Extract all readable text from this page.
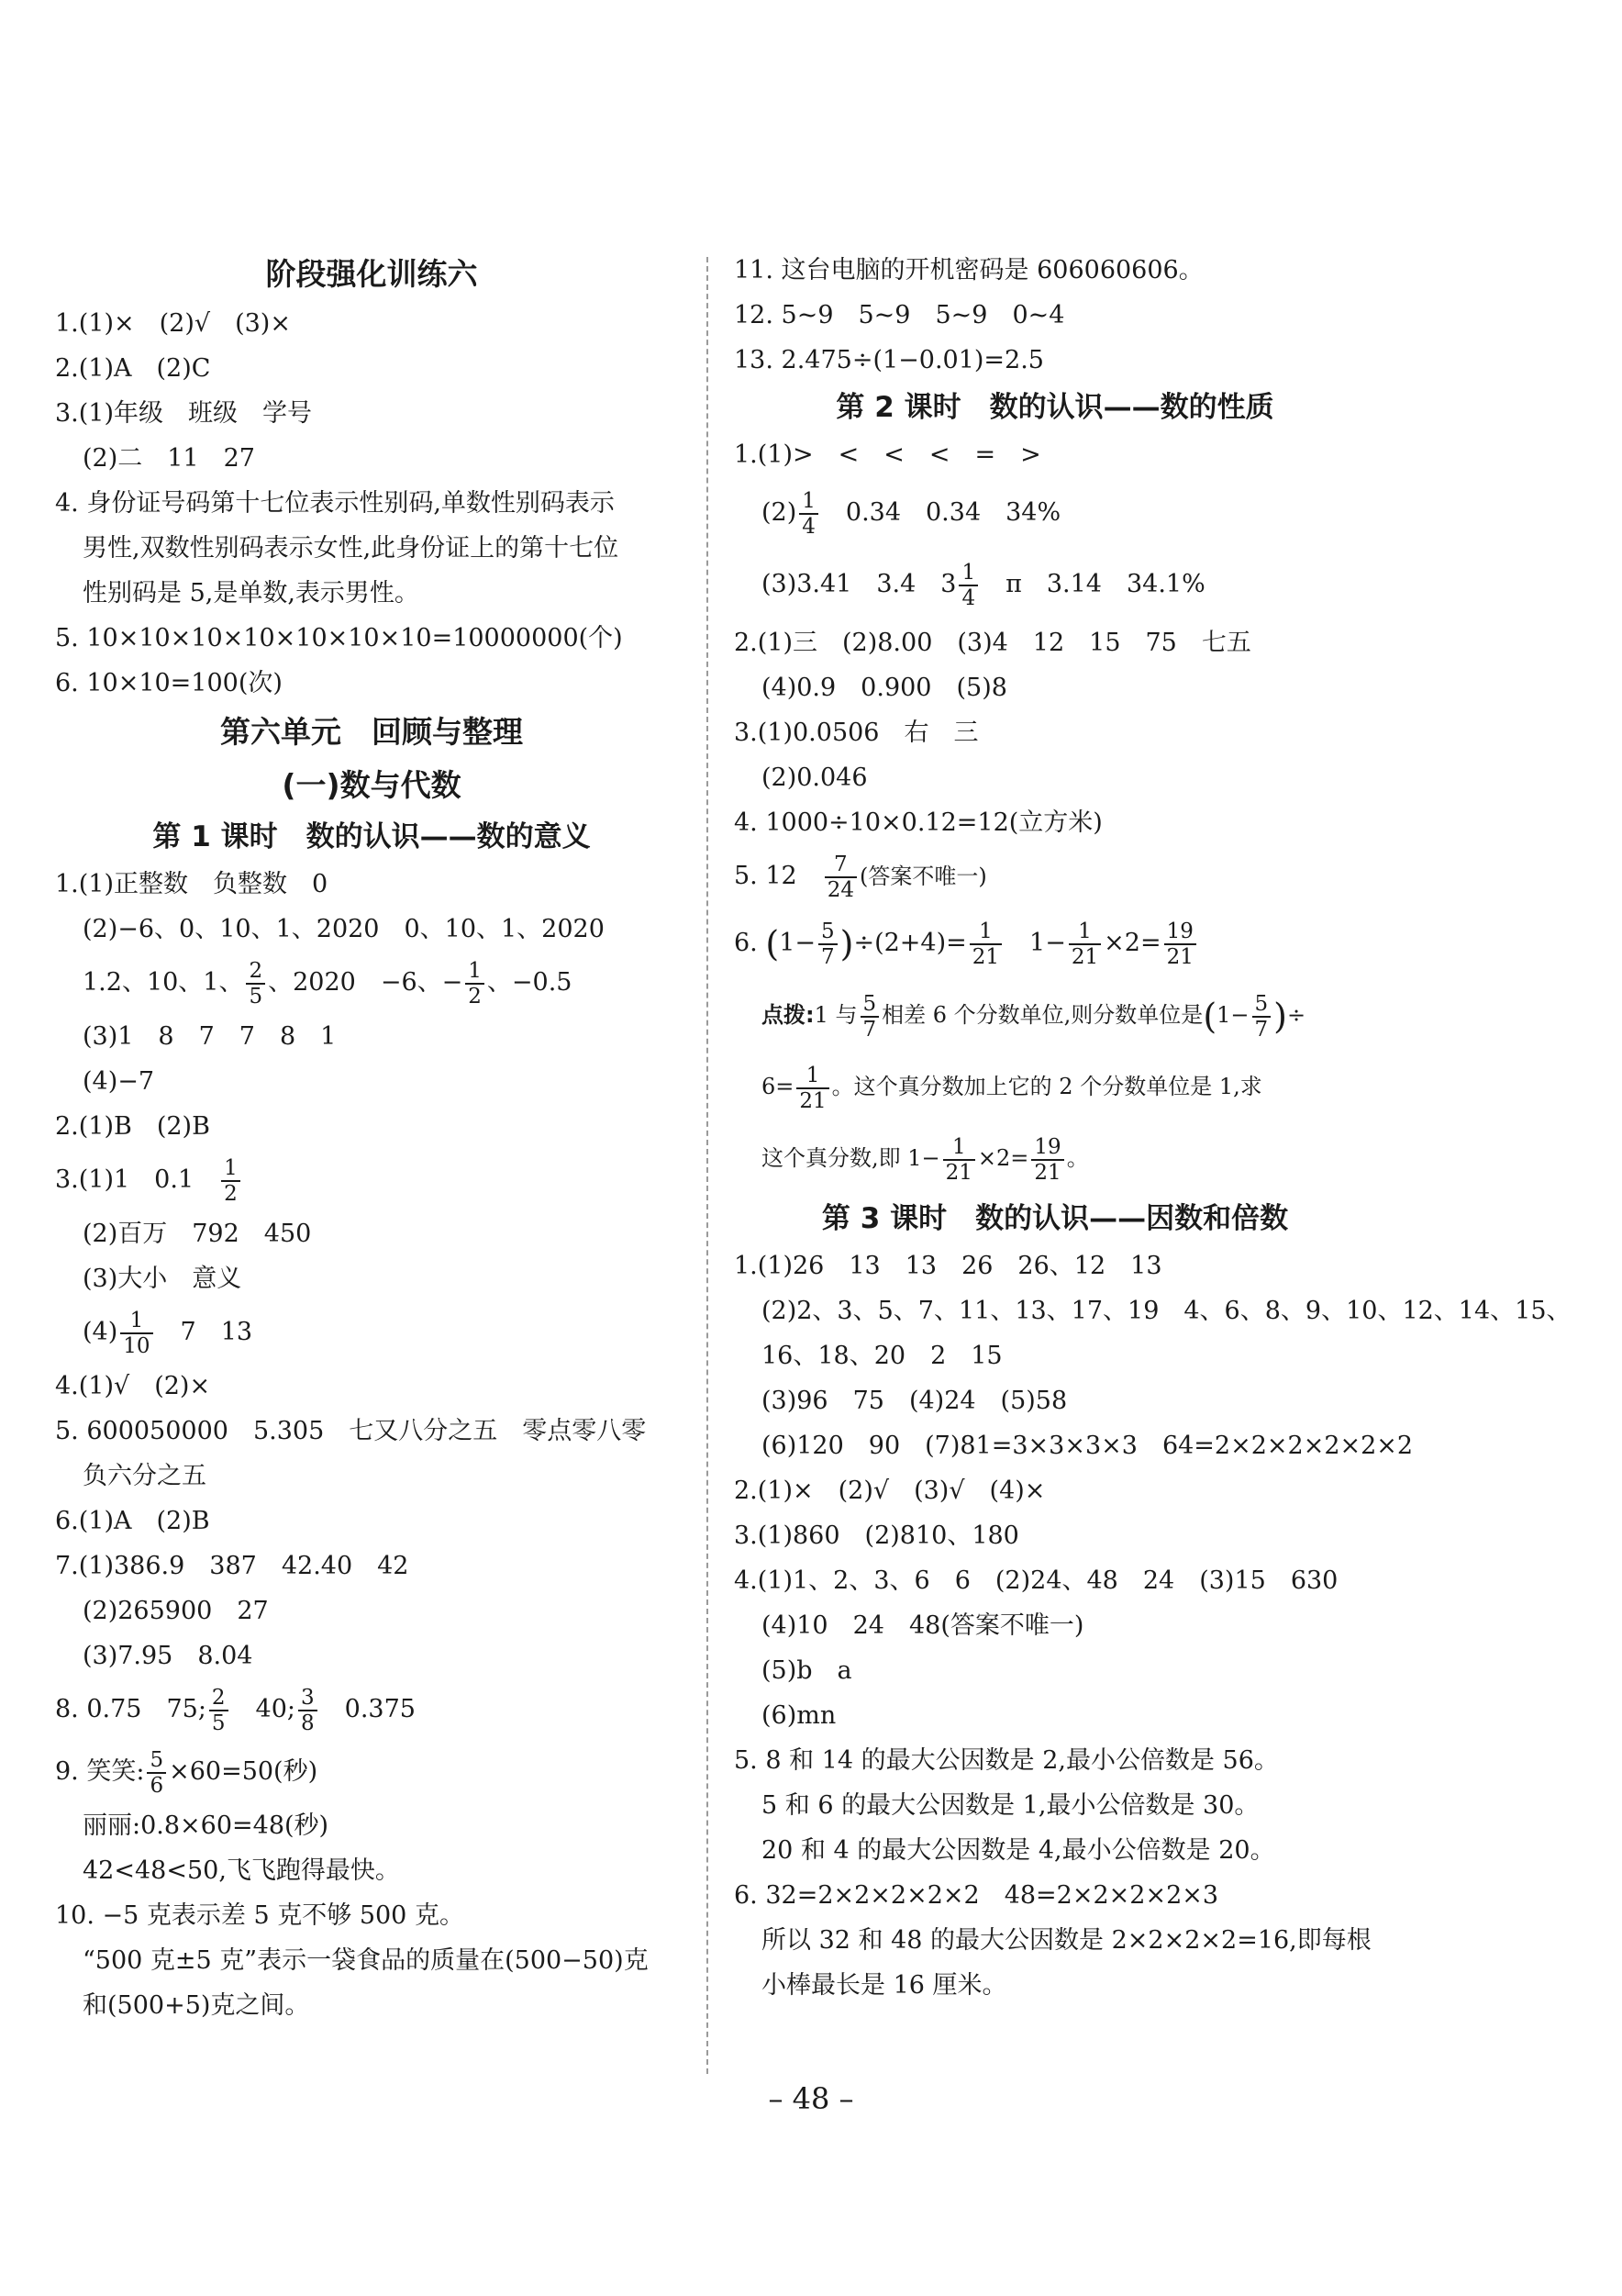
阶段强化训练六
1.(1)×　(2)√　(3)×
2.(1)A　(2)C
3.(1)年级　班级　学号
(2)二　11　27
4. 身份证号码第十七位表示性别码,单数性别码表示
男性,双数性别码表示女性,此身份证上的第十七位
性别码是 5,是单数,表示男性。
5. 10×10×10×10×10×10×10=10000000(个)
6. 10×10=100(次)
第六单元　回顾与整理
(一)数与代数
第 1 课时　数的认识——数的意义
1.(1)正整数　负整数　0
(2)−6、0、10、1、2020　0、10、1、2020
1.2、10、1、 $\frac{2}{5}$ 、2020　−6、− $\frac{1}{2}$ 、−0.5
(3)1　8　7　7　8　1
(4)−7
2.(1)B　(2)B
3.(1)1　0.1　 $\frac{1}{2}$
(2)百万　792　450
(3)大小　意义
$(4) \frac{1}{10}$ 　7　13
4.(1)√　(2)×
5. 600050000　5.305　七又八分之五　零点零八零
负六分之五
6.(1)A　(2)B
7.(1)386.9　387　42.40　42
(2)265900　27
(3)7.95　8.04
8. 0.75　75; $\frac{2}{5}$ 　40; $\frac{3}{8}$ 　0.375
9. 笑笑: $\frac{5}{6} \times 60=50$(秒)
丽丽:0.8×60=48(秒)
42<48<50,飞飞跑得最快。
10. −5 克表示差 5 克不够 500 克。
“500 克±5 克”表示一袋食品的质量在(500−50)克
和(500+5)克之间。
11. 这台电脑的开机密码是 606060606。
12. 5~9　5~9　5~9　0~4
13. 2.475÷(1−0.01)=2.5
第 2 课时　数的认识——数的性质
1.(1)>　<　<　<　=　>
$(2) \frac{1}{4}$ 　0.34̇　0.34　34%
(3)3.41　3.4　$3 \frac{1}{4}$ 　π　3.14　34.1%
2.(1)三　(2)8.00　(3)4　12　15　75　七五
(4)0.9　0.900　(5)8
3.(1)0.0506　右　三
(2)0.046
4. 1000÷10×0.12=12(立方米)
5. 12　 $\frac{7}{24}$ (答案不唯一)
6. $(1- \frac{5}{7} )\div(2+4)= \frac{1}{21}$ 　$1- \frac{1}{21} \times 2= \frac{19}{21}$
点拨:1 与 $\frac{5}{7}$ 相差 6 个分数单位,则分数单位是($1- \frac{5}{7}$ )÷
$6= \frac{1}{21}$ 。这个真分数加上它的 2 个分数单位是 1,求
这个真分数,即 $1- \frac{1}{21} \times 2= \frac{19}{21}$ 。
第 3 课时　数的认识——因数和倍数
1.(1)26　13　13　26　26、12　13
(2)2、3、5、7、11、13、17、19　4、6、8、9、10、12、14、15、
16、18、20　2　15
(3)96　75　(4)24　(5)58
(6)120　90　(7)81=3×3×3×3　64=2×2×2×2×2×2
2.(1)×　(2)√　(3)√　(4)×
3.(1)860　(2)810、180
4.(1)1、2、3、6　6　(2)24、48　24　(3)15　630
(4)10　24　48(答案不唯一)
(5)b　a
(6)mn
5. 8 和 14 的最大公因数是 2,最小公倍数是 56。
5 和 6 的最大公因数是 1,最小公倍数是 30。
20 和 4 的最大公因数是 4,最小公倍数是 20。
6. 32=2×2×2×2×2　48=2×2×2×2×3
所以 32 和 48 的最大公因数是 2×2×2×2=16,即每根
小棒最长是 16 厘米。
– 48 –
